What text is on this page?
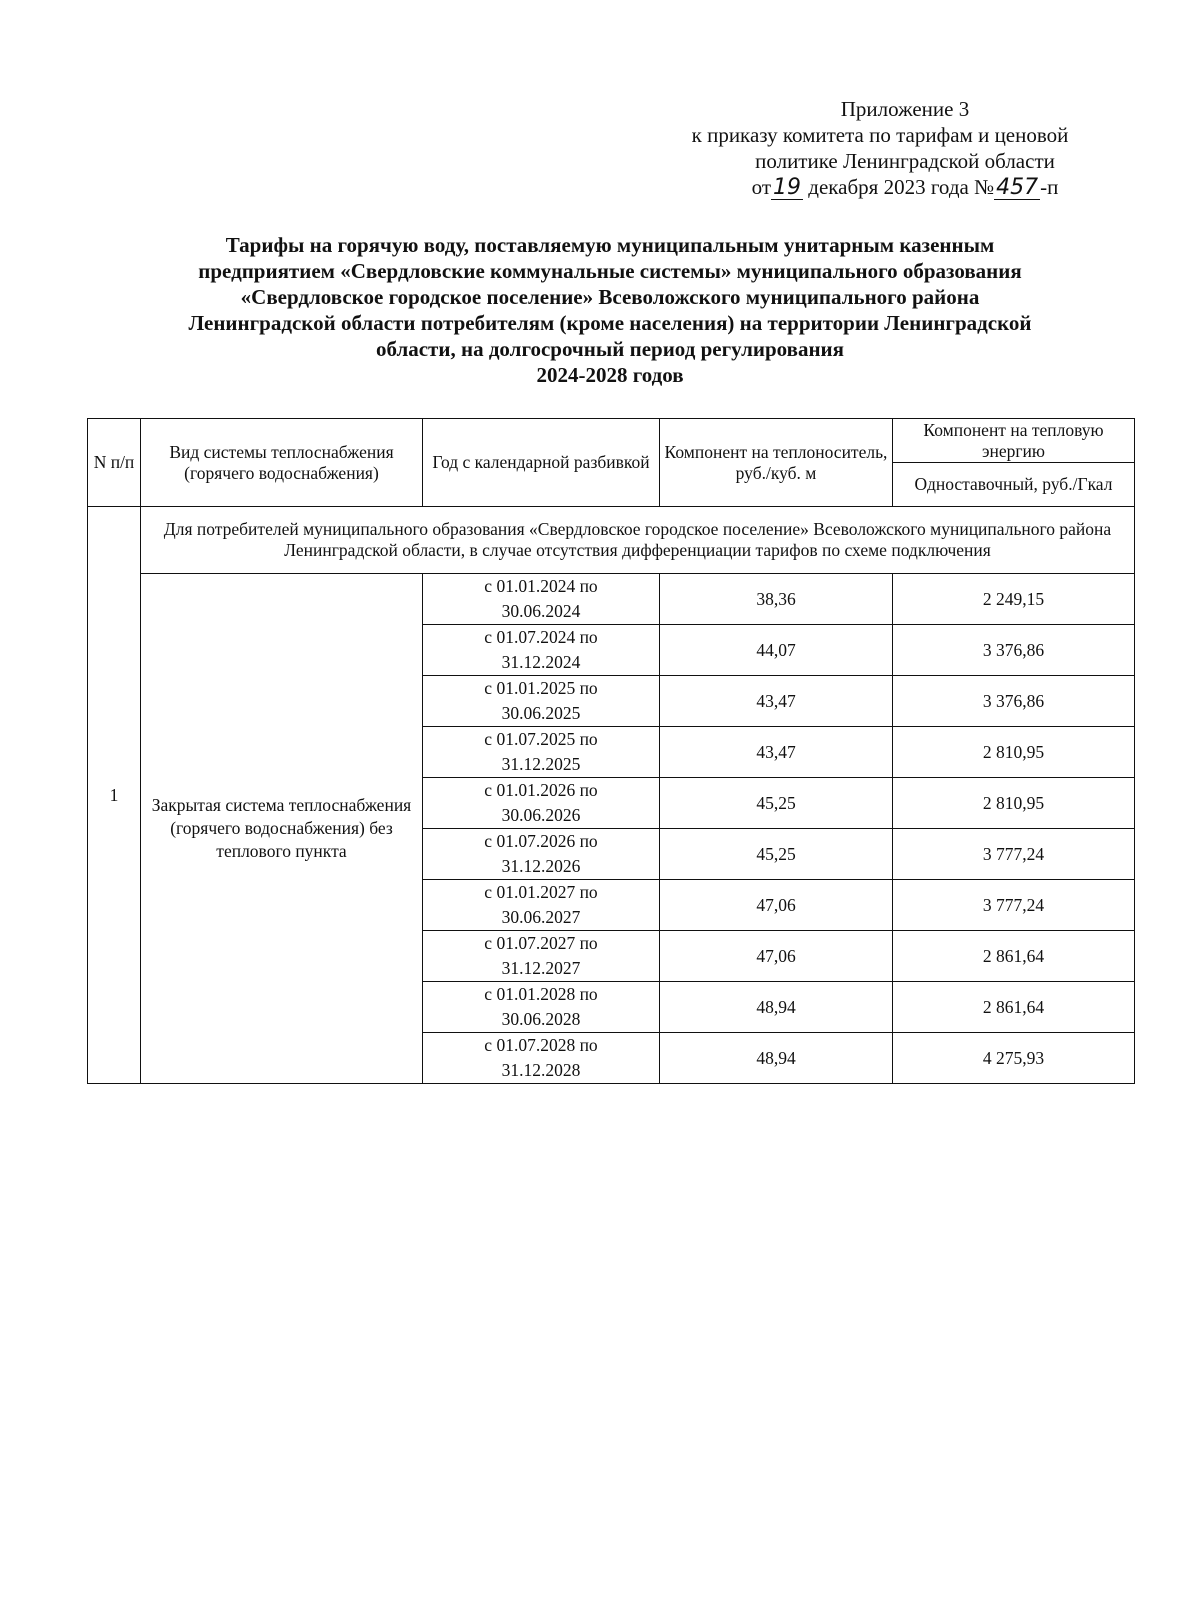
Приложение 3
к приказу комитета по тарифам и ценовой
политике Ленинградской области
от19 декабря 2023 года №457-п
Тарифы на горячую воду, поставляемую муниципальным унитарным казенным
предприятием «Свердловские коммунальные системы» муниципального образования
«Свердловское городское поселение» Всеволожского муниципального района
Ленинградской области потребителям (кроме населения) на территории Ленинградской
области, на долгосрочный период регулирования
2024-2028 годов
N п/п	Вид системы теплоснабжения (горячего водоснабжения)	Год с календарной разбивкой	Компонент на теплоноситель, руб./куб. м	Компонент на тепловую энергию
				Одноставочный, руб./Гкал
1	Для потребителей муниципального образования «Свердловское городское поселение» Всеволожского муниципального района Ленинградской области, в случае отсутствия дифференциации тарифов по схеме подключения			
	Закрытая система теплоснабжения (горячего водоснабжения) без теплового пункта	с 01.01.2024 по
30.06.2024	38,36	2 249,15

		с 01.07.2024 по
31.12.2024	44,07	3 376,86

		с 01.01.2025 по
30.06.2025	43,47	3 376,86

		с 01.07.2025 по
31.12.2025	43,47	2 810,95

		с 01.01.2026 по
30.06.2026	45,25	2 810,95

		с 01.07.2026 по
31.12.2026	45,25	3 777,24

		с 01.01.2027 по
30.06.2027	47,06	3 777,24

		с 01.07.2027 по
31.12.2027	47,06	2 861,64

		с 01.01.2028 по
30.06.2028	48,94	2 861,64

		с 01.07.2028 по
31.12.2028	48,94	4 275,93
